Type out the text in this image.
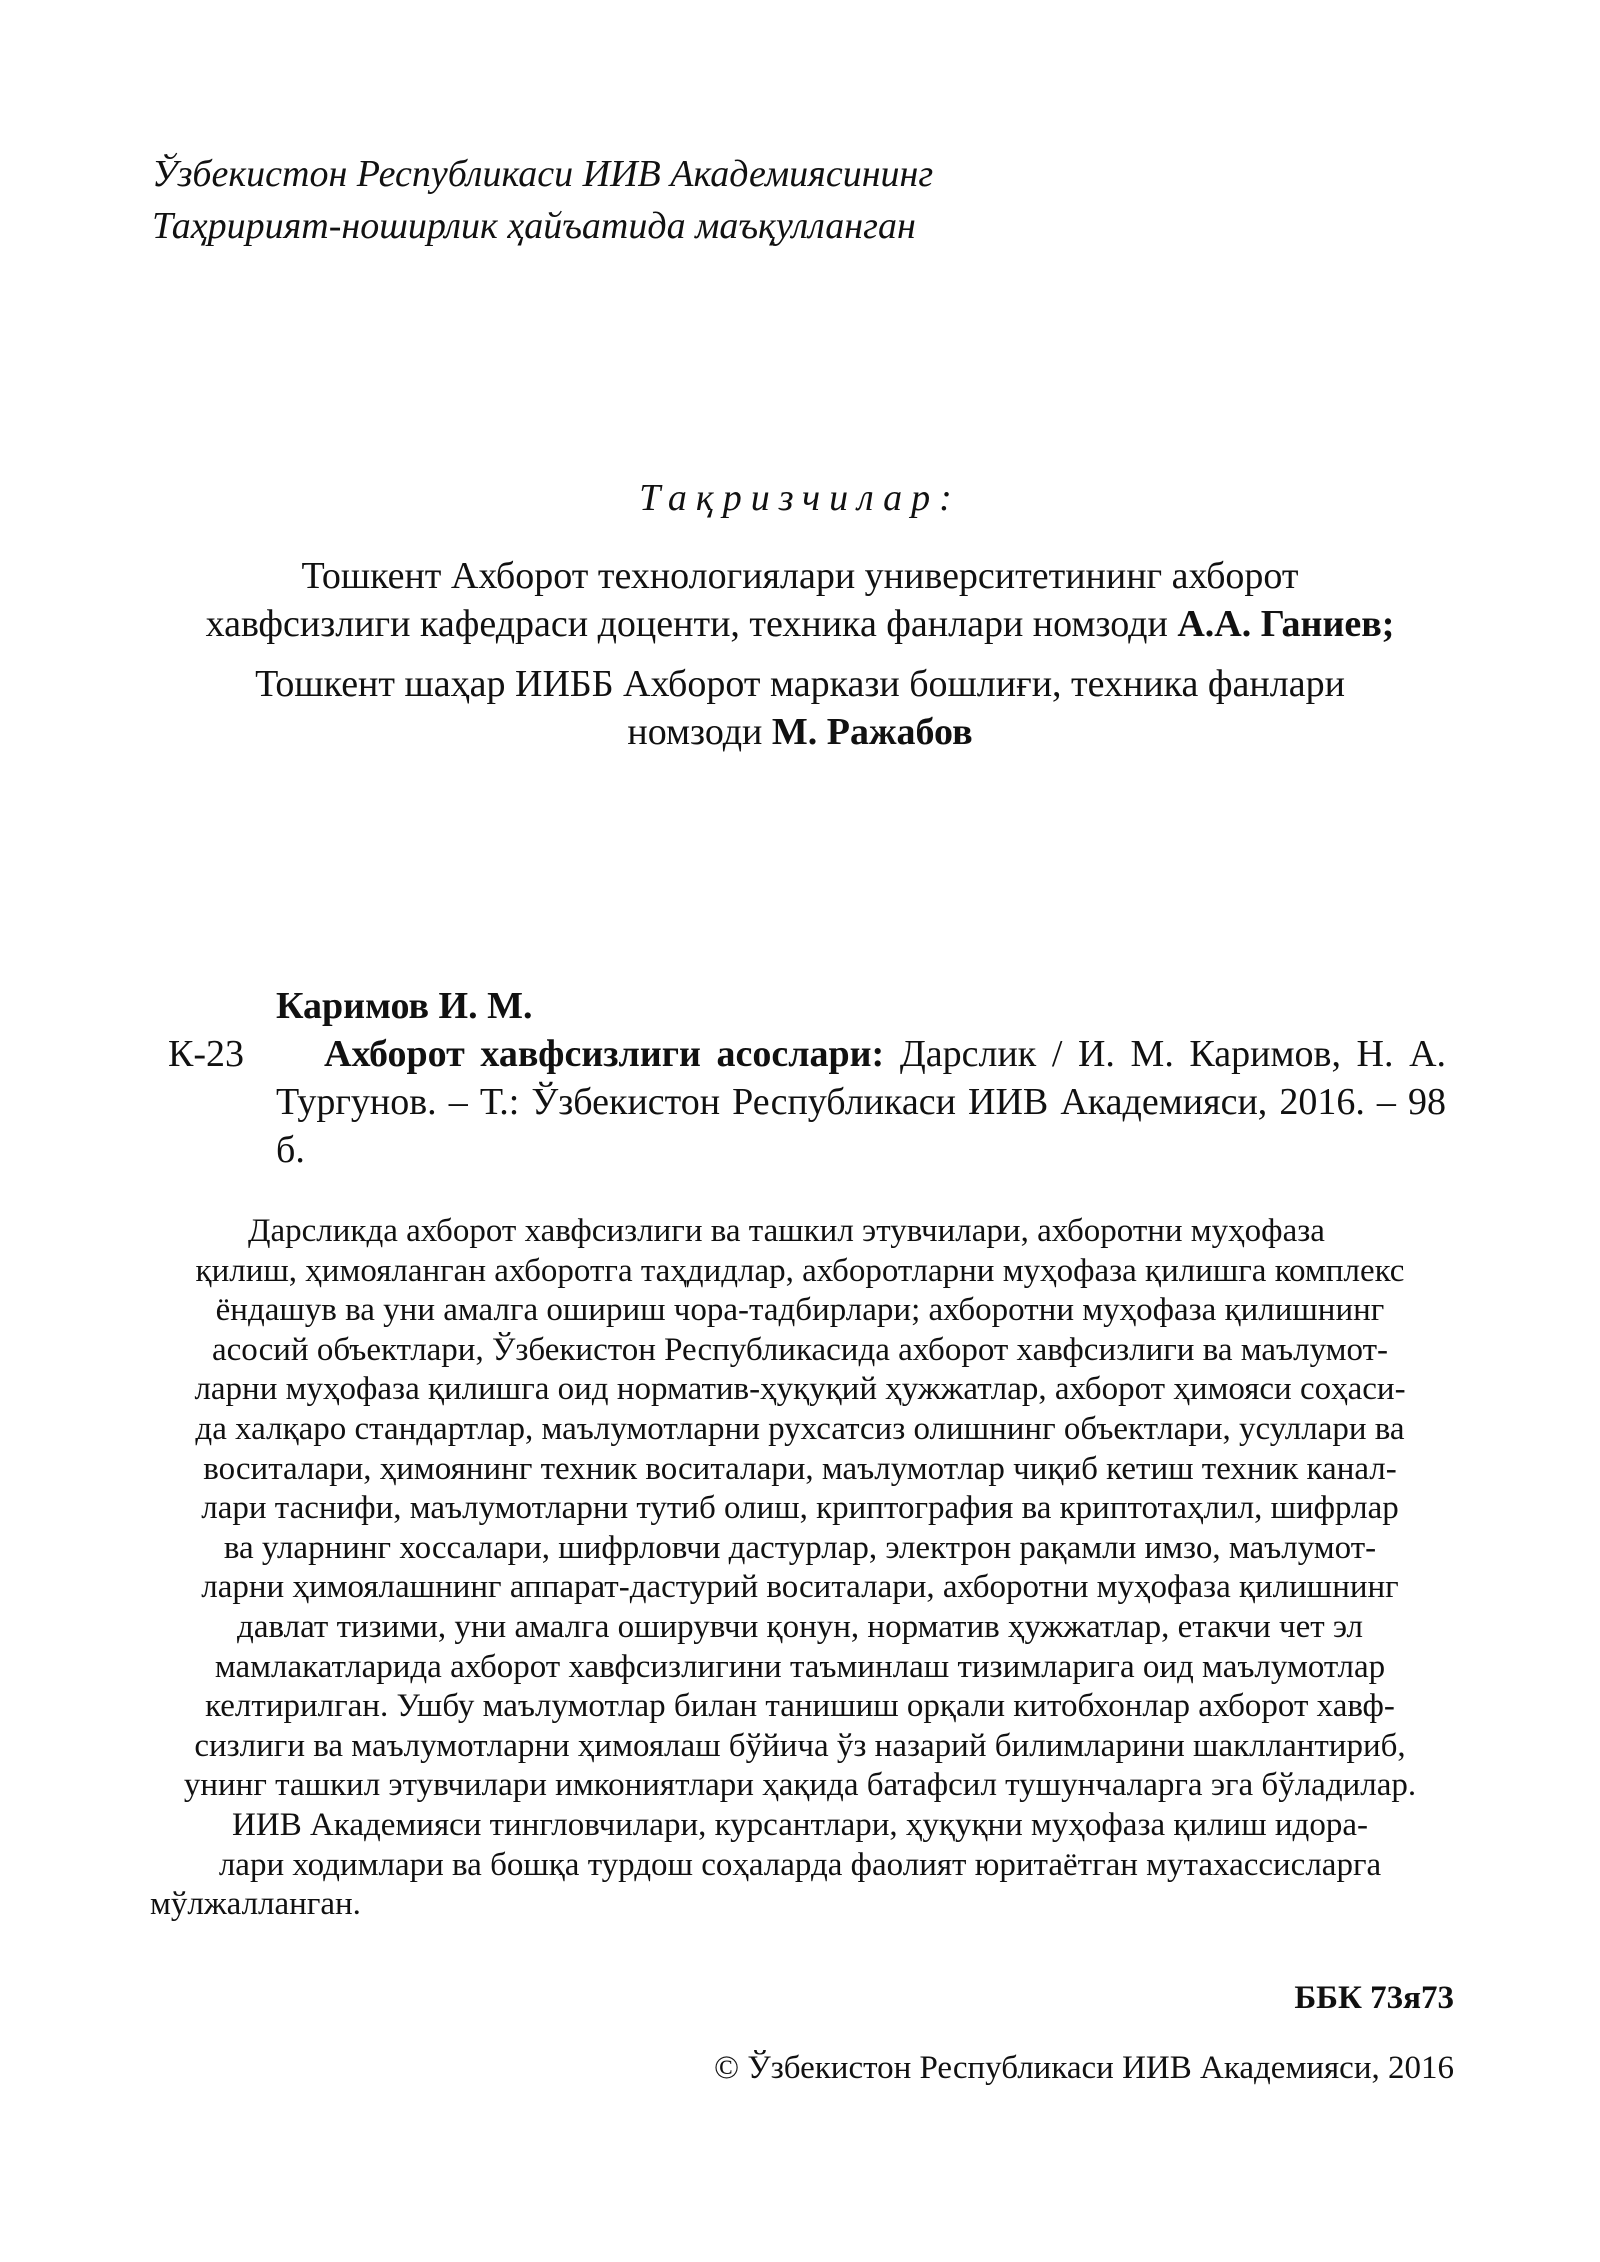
Ўзбекистон Республикаси ИИВ Академиясининг
Таҳририят-ноширлик ҳайъатида маъқулланган
Тақризчилар:
Тошкент Ахборот технологиялари университетининг ахборот
хавфсизлиги кафедраси доценти, техника фанлари номзоди А.А. Ганиев;
Тошкент шаҳар ИИББ Ахборот маркази бошлиғи, техника фанлари
номзоди М. Ражабов
Каримов И. М.
К-23	Ахборот хавфсизлиги асослари: Дарслик / И. М. Каримов, Н. А. Тургунов. – Т.: Ўзбекистон Республикаси ИИВ Академияси, 2016. – 98 б.
Дарсликда ахборот хавфсизлиги ва ташкил этувчилари, ахборотни муҳофаза
қилиш, ҳимояланган ахборотга таҳдидлар, ахборотларни муҳофаза қилишга комплекс
ёндашув ва уни амалга ошириш чора-тадбирлари; ахборотни муҳофаза қилишнинг
асосий объектлари, Ўзбекистон Республикасида ахборот хавфсизлиги ва маълумот-
ларни муҳофаза қилишга оид норматив-ҳуқуқий ҳужжатлар, ахборот ҳимояси соҳаси-
да халқаро стандартлар, маълумотларни рухсатсиз олишнинг объектлари, усуллари ва
воситалари, ҳимоянинг техник воситалари, маълумотлар чиқиб кетиш техник канал-
лари таснифи, маълумотларни тутиб олиш, криптография ва криптотаҳлил, шифрлар
ва уларнинг хоссалари, шифрловчи дастурлар, электрон рақамли имзо, маълумот-
ларни ҳимоялашнинг аппарат-дастурий воситалари, ахборотни муҳофаза қилишнинг
давлат тизими, уни амалга оширувчи қонун, норматив ҳужжатлар, етакчи чет эл
мамлакатларида ахборот хавфсизлигини таъминлаш тизимларига оид маълумотлар
келтирилган. Ушбу маълумотлар билан танишиш орқали китобхонлар ахборот хавф-
сизлиги ва маълумотларни ҳимоялаш бўйича ўз назарий билимларини шакллантириб,
унинг ташкил этувчилари имкониятлари ҳақида батафсил тушунчаларга эга бўладилар.
ИИВ Академияси тингловчилари, курсантлари, ҳуқуқни муҳофаза қилиш идора-
лари ходимлари ва бошқа турдош соҳаларда фаолият юритаётган мутахассисларга
мўлжалланган.
ББК 73я73
© Ўзбекистон Республикаси ИИВ Академияси, 2016
